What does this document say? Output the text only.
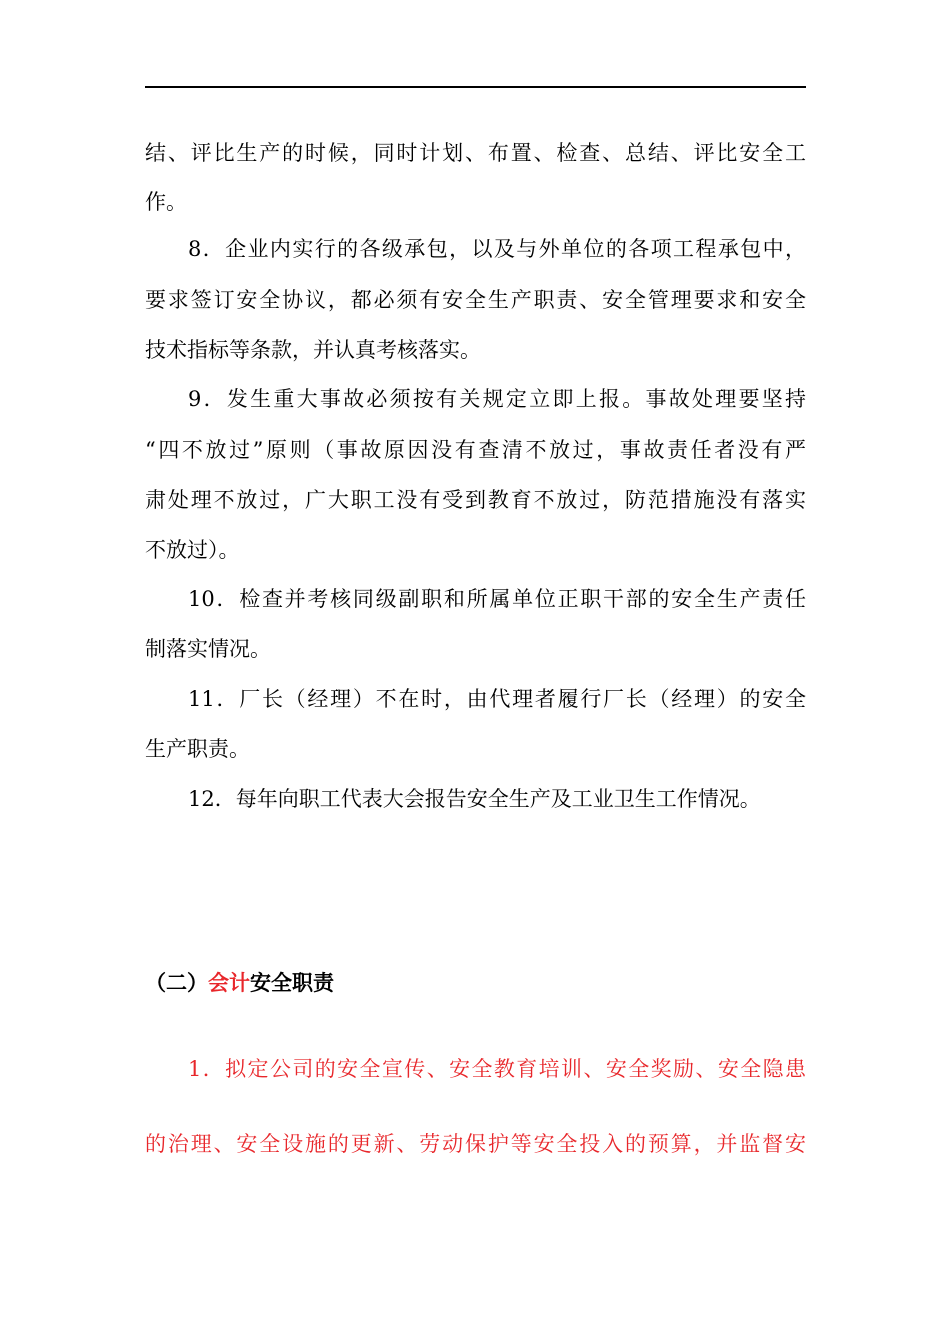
结、评比生产的时候，同时计划、布置、检查、总结、评比安全工
作。
8．企业内实行的各级承包，以及与外单位的各项工程承包中，
要求签订安全协议，都必须有安全生产职责、安全管理要求和安全
技术指标等条款，并认真考核落实。
9．发生重大事故必须按有关规定立即上报。事故处理要坚持
“四不放过”原则（事故原因没有查清不放过，事故责任者没有严
肃处理不放过，广大职工没有受到教育不放过，防范措施没有落实
不放过）。
10．检查并考核同级副职和所属单位正职干部的安全生产责任
制落实情况。
11．厂长（经理）不在时，由代理者履行厂长（经理）的安全
生产职责。
12．每年向职工代表大会报告安全生产及工业卫生工作情况。
（二）会计安全职责
1．拟定公司的安全宣传、安全教育培训、安全奖励、安全隐患
的治理、安全设施的更新、劳动保护等安全投入的预算，并监督安
